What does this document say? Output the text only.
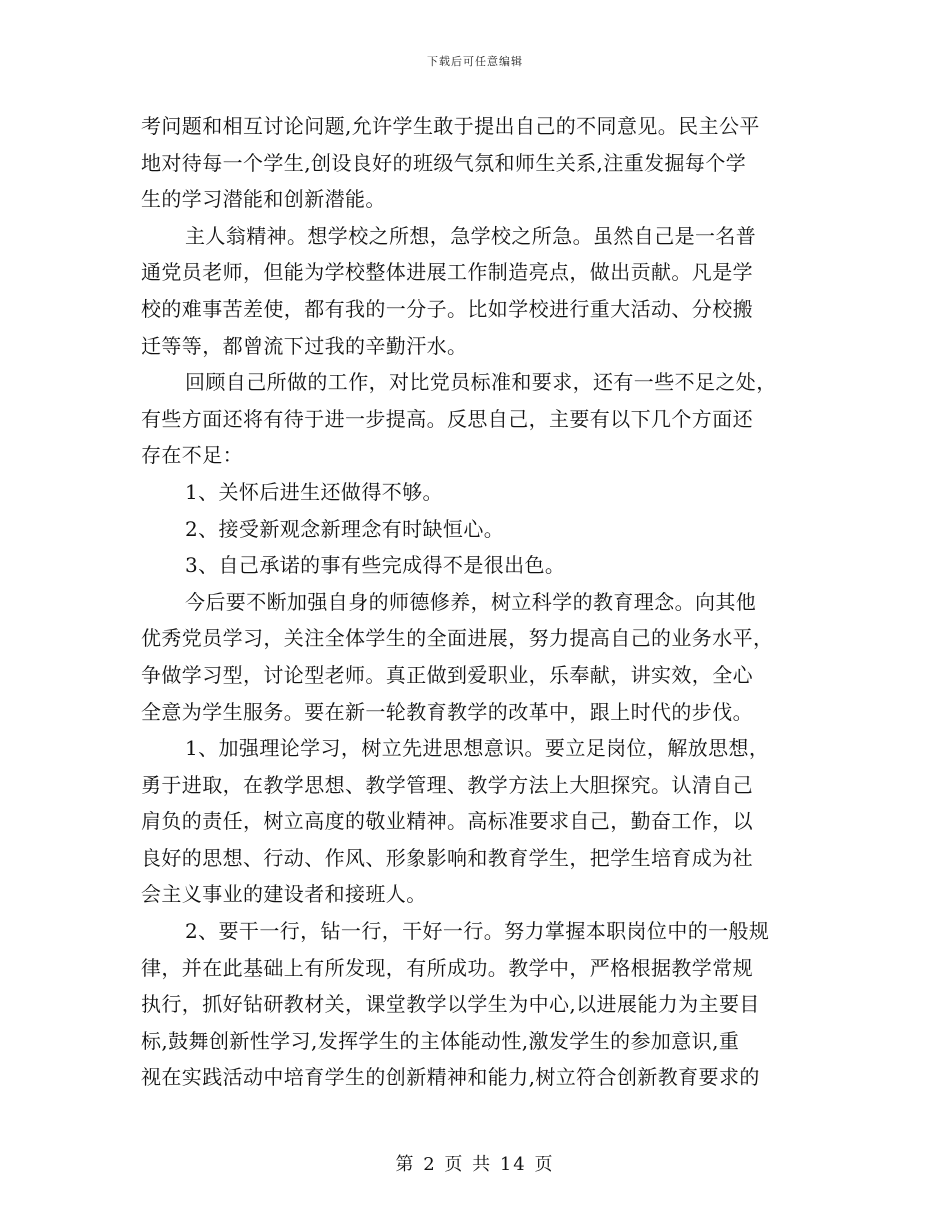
下载后可任意编辑
考问题和相互讨论问题,允许学生敢于提出自己的不同意见。民主公平
地对待每一个学生,创设良好的班级气氛和师生关系,注重发掘每个学
生的学习潜能和创新潜能。
主人翁精神。想学校之所想，急学校之所急。虽然自己是一名普
通党员老师，但能为学校整体进展工作制造亮点，做出贡献。凡是学
校的难事苦差使，都有我的一分子。比如学校进行重大活动、分校搬
迁等等，都曾流下过我的辛勤汗水。
回顾自己所做的工作，对比党员标准和要求，还有一些不足之处，
有些方面还将有待于进一步提高。反思自己，主要有以下几个方面还
存在不足：
1、关怀后进生还做得不够。
2、接受新观念新理念有时缺恒心。
3、自己承诺的事有些完成得不是很出色。
今后要不断加强自身的师德修养，树立科学的教育理念。向其他
优秀党员学习，关注全体学生的全面进展，努力提高自己的业务水平，
争做学习型，讨论型老师。真正做到爱职业，乐奉献，讲实效，全心
全意为学生服务。要在新一轮教育教学的改革中，跟上时代的步伐。
1、加强理论学习，树立先进思想意识。要立足岗位，解放思想，
勇于进取，在教学思想、教学管理、教学方法上大胆探究。认清自己
肩负的责任，树立高度的敬业精神。高标准要求自己，勤奋工作，以
良好的思想、行动、作风、形象影响和教育学生，把学生培育成为社
会主义事业的建设者和接班人。
2、要干一行，钻一行，干好一行。努力掌握本职岗位中的一般规
律，并在此基础上有所发现，有所成功。教学中，严格根据教学常规
执行，抓好钻研教材关，课堂教学以学生为中心,以进展能力为主要目
标,鼓舞创新性学习,发挥学生的主体能动性,激发学生的参加意识,重
视在实践活动中培育学生的创新精神和能力,树立符合创新教育要求的
第 2 页 共 14 页
